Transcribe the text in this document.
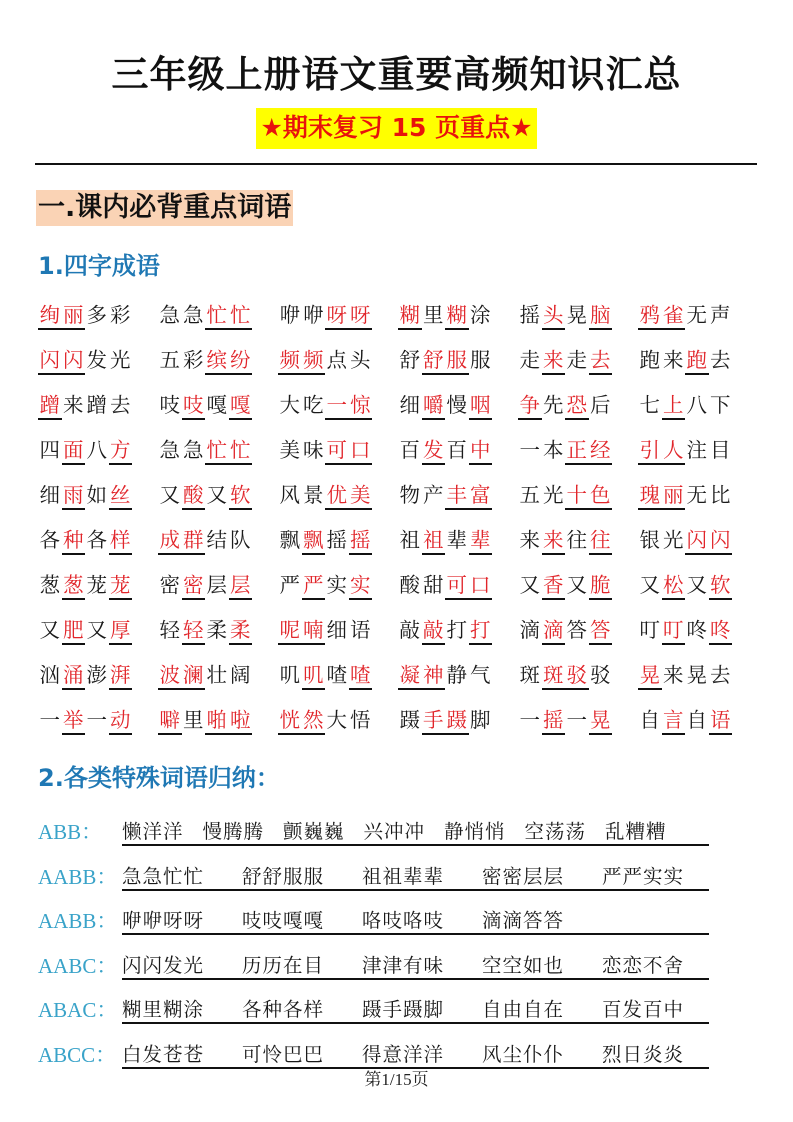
三年级上册语文重要高频知识汇总
★期末复习 15 页重点★
一.课内必背重点词语
1.四字成语
绚 丽 多 彩 急 急 忙 忙 咿 咿 呀 呀 糊 里 糊 涂 摇 头 晃 脑 鸦 雀 无 声
闪 闪 发 光 五 彩 缤 纷 频 频 点 头 舒 舒 服 服 走 来 走 去 跑 来 跑 去
蹭 来 蹭 去 吱 吱 嘎 嘎 大 吃 一 惊 细 嚼 慢 咽 争 先 恐 后 七 上 八 下
四 面 八 方 急 急 忙 忙 美 味 可 口 百 发 百 中 一 本 正 经 引 人 注 目
细 雨 如 丝 又 酸 又 软 风 景 优 美 物 产 丰 富 五 光 十 色 瑰 丽 无 比
各 种 各 样 成 群 结 队 飘 飘 摇 摇 祖 祖 辈 辈 来 来 往 往 银 光 闪 闪
葱 葱 茏 茏 密 密 层 层 严 严 实 实 酸 甜 可 口 又 香 又 脆 又 松 又 软
又 肥 又 厚 轻 轻 柔 柔 呢 喃 细 语 敲 敲 打 打 滴 滴 答 答 叮 叮 咚 咚
汹 涌 澎 湃 波 澜 壮 阔 叽 叽 喳 喳 凝 神 静 气 斑 斑 驳 驳 晃 来 晃 去
一 举 一 动 噼 里 啪 啦 恍 然 大 悟 蹑 手 蹑 脚 一 摇 一 晃 自 言 自 语
2.各类特殊词语归纳：
ABB： 懒洋洋 慢腾腾 颤巍巍 兴冲冲 静悄悄 空荡荡 乱糟糟
AABB： 急急忙忙 舒舒服服 祖祖辈辈 密密层层 严严实实
AABB： 咿咿呀呀 吱吱嘎嘎 咯吱咯吱 滴滴答答
AABC： 闪闪发光 历历在目 津津有味 空空如也 恋恋不舍
ABAC： 糊里糊涂 各种各样 蹑手蹑脚 自由自在 百发百中
ABCC： 白发苍苍 可怜巴巴 得意洋洋 风尘仆仆 烈日炎炎
第1/15页
